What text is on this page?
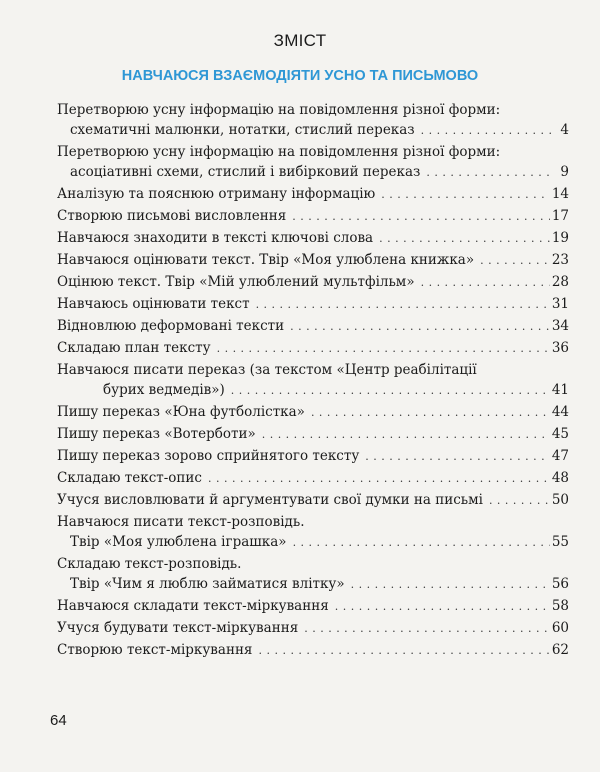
ЗМІСТ
НАВЧАЮСЯ ВЗАЄМОДІЯТИ УСНО ТА ПИСЬМОВО
Перетворюю усну інформацію на повідомлення різної форми:
схематичні малюнки, нотатки, стислий переказ . . .	4
Перетворюю усну інформацію на повідомлення різної форми:
асоціативні схеми, стислий і вибірковий переказ . . .	9
Аналізую та пояснюю отриману інформацію . . .	14
Створюю письмові висловлення . . .	17
Навчаюся знаходити в тексті ключові слова . . .	19
Навчаюся оцінювати текст. Твір «Моя улюблена книжка» . . .	23
Оцінюю текст. Твір «Мій улюблений мультфільм» . . .	28
Навчаюсь оцінювати текст . . .	31
Відновлюю деформовані тексти . . .	34
Складаю план тексту . . .	36
Навчаюся писати переказ (за текстом «Центр реабілітації
бурих ведмедів») . . .	41
Пишу переказ «Юна футболістка» . . .	44
Пишу переказ «Вотерботи» . . .	45
Пишу переказ зорово сприйнятого тексту . . .	47
Складаю текст-опис . . .	48
Учуся висловлювати й аргументувати свої думки на письмі . . .	50
Навчаюся писати текст-розповідь.
Твір «Моя улюблена іграшка» . . .	55
Складаю текст-розповідь.
Твір «Чим я люблю займатися влітку» . . .	56
Навчаюся складати текст-міркування . . .	58
Учуся будувати текст-міркування . . .	60
Створюю текст-міркування . . .	62
64
